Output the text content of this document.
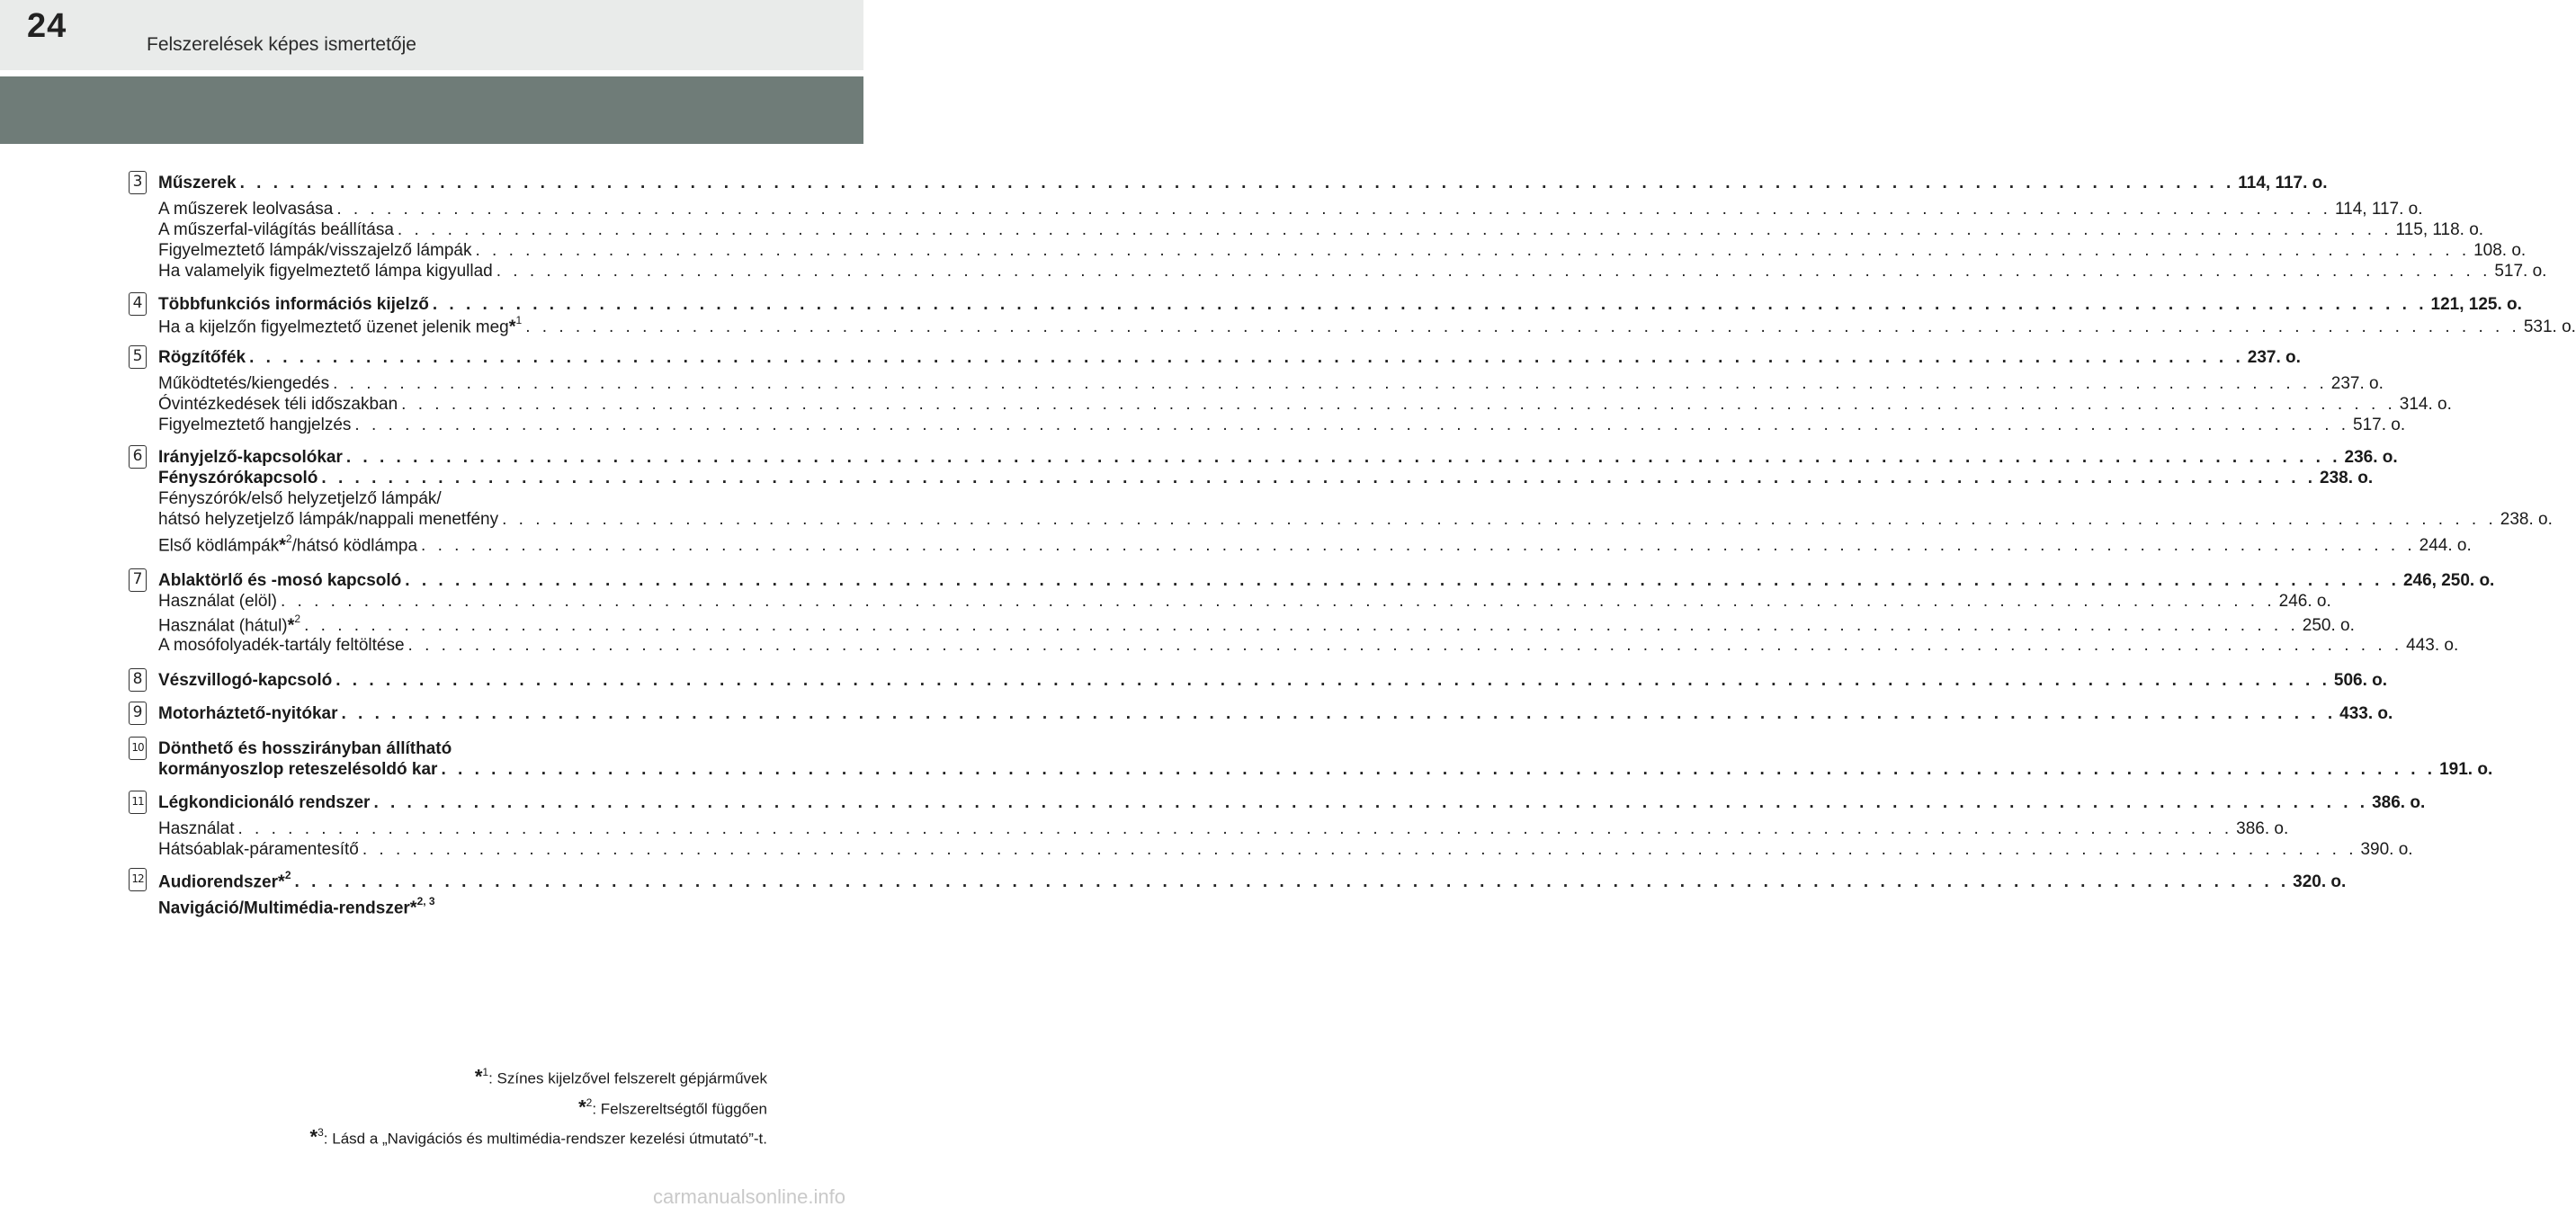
24	Felszerelések képes ismertetője
3 Műszerek . . . . . . . . . . . . . . . . . . . . . . . . . . . . . . . . . . . . . . . . . . . . . . . . . . . . . . . . . . . . . . . . . . . . . . . . . . . . . . . . . . . . . . . . . . . . . . . . . . . . . . . . . . . . . . . . . . . . . . . . 114, 117. o.
A műszerek leolvasása . . . . . . . . . . . . . . . . . . . . . . . . . . . . . . . . . . . . . . . . . . . . . . . . . . . . . . . . . . . . . . . . . . . . . . . . . . . . . . . . . . . . . . . . . . . . . . . . . . . . . . . . . . . . . . . . . . . . . . . . 114, 117. o.
A műszerfal-világítás beállítása . . . . . . . . . . . . . . . . . . . . . . . . . . . . . . . . . . . . . . . . . . . . . . . . . . . . . . . . . . . . . . . . . . . . . . . . . . . . . . . . . . . . . . . . . . . . . . . . . . . . . . . . . . . . . . . . . . . . . . . . 115, 118. o.
Figyelmeztető lámpák/visszajelző lámpák . . . . . . . . . . . . . . . . . . . . . . . . . . . . . . . . . . . . . . . . . . . . . . . . . . . . . . . . . . . . . . . . . . . . . . . . . . . . . . . . . . . . . . . . . . . . . . . . . . . . . . . . . . . . . . . . . . . . . . . . 108. o.
Ha valamelyik figyelmeztető lámpa kigyullad . . . . . . . . . . . . . . . . . . . . . . . . . . . . . . . . . . . . . . . . . . . . . . . . . . . . . . . . . . . . . . . . . . . . . . . . . . . . . . . . . . . . . . . . . . . . . . . . . . . . . . . . . . . . . . . . . . . . . . . . 517. o.
4 Többfunkciós információs kijelző . . . . . . . . . . . . . . . . . . . . . . . . . . . . . . . . . . . . . . . . . . . . . . . . . . . . . . . . . . . . . . . . . . . . . . . . . . . . . . . . . . . . . . . . . . . . . . . . . . . . . . . . . . . . . . . . . . . . . . . . 121, 125. o.
Ha a kijelzőn figyelmeztető üzenet jelenik meg*$^1$ . . . . . . . . . . . . . . . . . . . . . . . . . . . . . . . . . . . . . . . . . . . . . . . . . . . . . . . . . . . . . . . . . . . . . . . . . . . . . . . . . . . . . . . . . . . . . . . . . . . . . . . . . . . . . . . . . . . . . . . . 531. o.
5 Rögzítőfék . . . . . . . . . . . . . . . . . . . . . . . . . . . . . . . . . . . . . . . . . . . . . . . . . . . . . . . . . . . . . . . . . . . . . . . . . . . . . . . . . . . . . . . . . . . . . . . . . . . . . . . . . . . . . . . . . . . . . . . . 237. o.
Működtetés/kiengedés . . . . . . . . . . . . . . . . . . . . . . . . . . . . . . . . . . . . . . . . . . . . . . . . . . . . . . . . . . . . . . . . . . . . . . . . . . . . . . . . . . . . . . . . . . . . . . . . . . . . . . . . . . . . . . . . . . . . . . . . 237. o.
Óvintézkedések téli időszakban . . . . . . . . . . . . . . . . . . . . . . . . . . . . . . . . . . . . . . . . . . . . . . . . . . . . . . . . . . . . . . . . . . . . . . . . . . . . . . . . . . . . . . . . . . . . . . . . . . . . . . . . . . . . . . . . . . . . . . . . 314. o.
Figyelmeztető hangjelzés . . . . . . . . . . . . . . . . . . . . . . . . . . . . . . . . . . . . . . . . . . . . . . . . . . . . . . . . . . . . . . . . . . . . . . . . . . . . . . . . . . . . . . . . . . . . . . . . . . . . . . . . . . . . . . . . . . . . . . . . 517. o.
6 Irányjelző-kapcsolókar . . . . . . . . . . . . . . . . . . . . . . . . . . . . . . . . . . . . . . . . . . . . . . . . . . . . . . . . . . . . . . . . . . . . . . . . . . . . . . . . . . . . . . . . . . . . . . . . . . . . . . . . . . . . . . . . . . . . . . . . 236. o.
Fényszórókapcsoló . . . . . . . . . . . . . . . . . . . . . . . . . . . . . . . . . . . . . . . . . . . . . . . . . . . . . . . . . . . . . . . . . . . . . . . . . . . . . . . . . . . . . . . . . . . . . . . . . . . . . . . . . . . . . . . . . . . . . . . . 238. o.
Fényszórók/első helyzetjelző lámpák/
hátsó helyzetjelző lámpák/nappali menetfény . . . . . . . . . . . . . . . . . . . . . . . . . . . . . . . . . . . . . . . . . . . . . . . . . . . . . . . . . . . . . . . . . . . . . . . . . . . . . . . . . . . . . . . . . . . . . . . . . . . . . . . . . . . . . . . . . . . . . . . . 238. o.
Első ködlámpák*$^2$/hátsó ködlámpa . . . . . . . . . . . . . . . . . . . . . . . . . . . . . . . . . . . . . . . . . . . . . . . . . . . . . . . . . . . . . . . . . . . . . . . . . . . . . . . . . . . . . . . . . . . . . . . . . . . . . . . . . . . . . . . . . . . . . . . . 244. o.
7 Ablaktörlő és -mosó kapcsoló . . . . . . . . . . . . . . . . . . . . . . . . . . . . . . . . . . . . . . . . . . . . . . . . . . . . . . . . . . . . . . . . . . . . . . . . . . . . . . . . . . . . . . . . . . . . . . . . . . . . . . . . . . . . . . . . . . . . . . . . 246, 250. o.
Használat (elöl) . . . . . . . . . . . . . . . . . . . . . . . . . . . . . . . . . . . . . . . . . . . . . . . . . . . . . . . . . . . . . . . . . . . . . . . . . . . . . . . . . . . . . . . . . . . . . . . . . . . . . . . . . . . . . . . . . . . . . . . . 246. o.
Használat (hátul)*$^2$ . . . . . . . . . . . . . . . . . . . . . . . . . . . . . . . . . . . . . . . . . . . . . . . . . . . . . . . . . . . . . . . . . . . . . . . . . . . . . . . . . . . . . . . . . . . . . . . . . . . . . . . . . . . . . . . . . . . . . . . . 250. o.
A mosófolyadék-tartály feltöltése . . . . . . . . . . . . . . . . . . . . . . . . . . . . . . . . . . . . . . . . . . . . . . . . . . . . . . . . . . . . . . . . . . . . . . . . . . . . . . . . . . . . . . . . . . . . . . . . . . . . . . . . . . . . . . . . . . . . . . . . 443. o.
8 Vészvillogó-kapcsoló . . . . . . . . . . . . . . . . . . . . . . . . . . . . . . . . . . . . . . . . . . . . . . . . . . . . . . . . . . . . . . . . . . . . . . . . . . . . . . . . . . . . . . . . . . . . . . . . . . . . . . . . . . . . . . . . . . . . . . . . 506. o.
9 Motorháztető-nyitókar . . . . . . . . . . . . . . . . . . . . . . . . . . . . . . . . . . . . . . . . . . . . . . . . . . . . . . . . . . . . . . . . . . . . . . . . . . . . . . . . . . . . . . . . . . . . . . . . . . . . . . . . . . . . . . . . . . . . . . . . 433. o.
10 Dönthető és hosszirányban állítható
kormányoszlop reteszelésoldó kar . . . . . . . . . . . . . . . . . . . . . . . . . . . . . . . . . . . . . . . . . . . . . . . . . . . . . . . . . . . . . . . . . . . . . . . . . . . . . . . . . . . . . . . . . . . . . . . . . . . . . . . . . . . . . . . . . . . . . . . . 191. o.
11 Légkondicionáló rendszer . . . . . . . . . . . . . . . . . . . . . . . . . . . . . . . . . . . . . . . . . . . . . . . . . . . . . . . . . . . . . . . . . . . . . . . . . . . . . . . . . . . . . . . . . . . . . . . . . . . . . . . . . . . . . . . . . . . . . . . . 386. o.
Használat . . . . . . . . . . . . . . . . . . . . . . . . . . . . . . . . . . . . . . . . . . . . . . . . . . . . . . . . . . . . . . . . . . . . . . . . . . . . . . . . . . . . . . . . . . . . . . . . . . . . . . . . . . . . . . . . . . . . . . . . 386. o.
Hátsóablak-páramentesítő . . . . . . . . . . . . . . . . . . . . . . . . . . . . . . . . . . . . . . . . . . . . . . . . . . . . . . . . . . . . . . . . . . . . . . . . . . . . . . . . . . . . . . . . . . . . . . . . . . . . . . . . . . . . . . . . . . . . . . . . 390. o.
12 Audiorendszer*$^2$ . . . . . . . . . . . . . . . . . . . . . . . . . . . . . . . . . . . . . . . . . . . . . . . . . . . . . . . . . . . . . . . . . . . . . . . . . . . . . . . . . . . . . . . . . . . . . . . . . . . . . . . . . . . . . . . . . . . . . . . . 320. o.
Navigáció/Multimédia-rendszer*$^{2, 3}$
*$^1$: Színes kijelzővel felszerelt gépjárművek
*$^2$: Felszereltségtől függően
*$^3$: Lásd a „Navigációs és multimédia-rendszer kezelési útmutató”-t.
carmanualsonline.info
